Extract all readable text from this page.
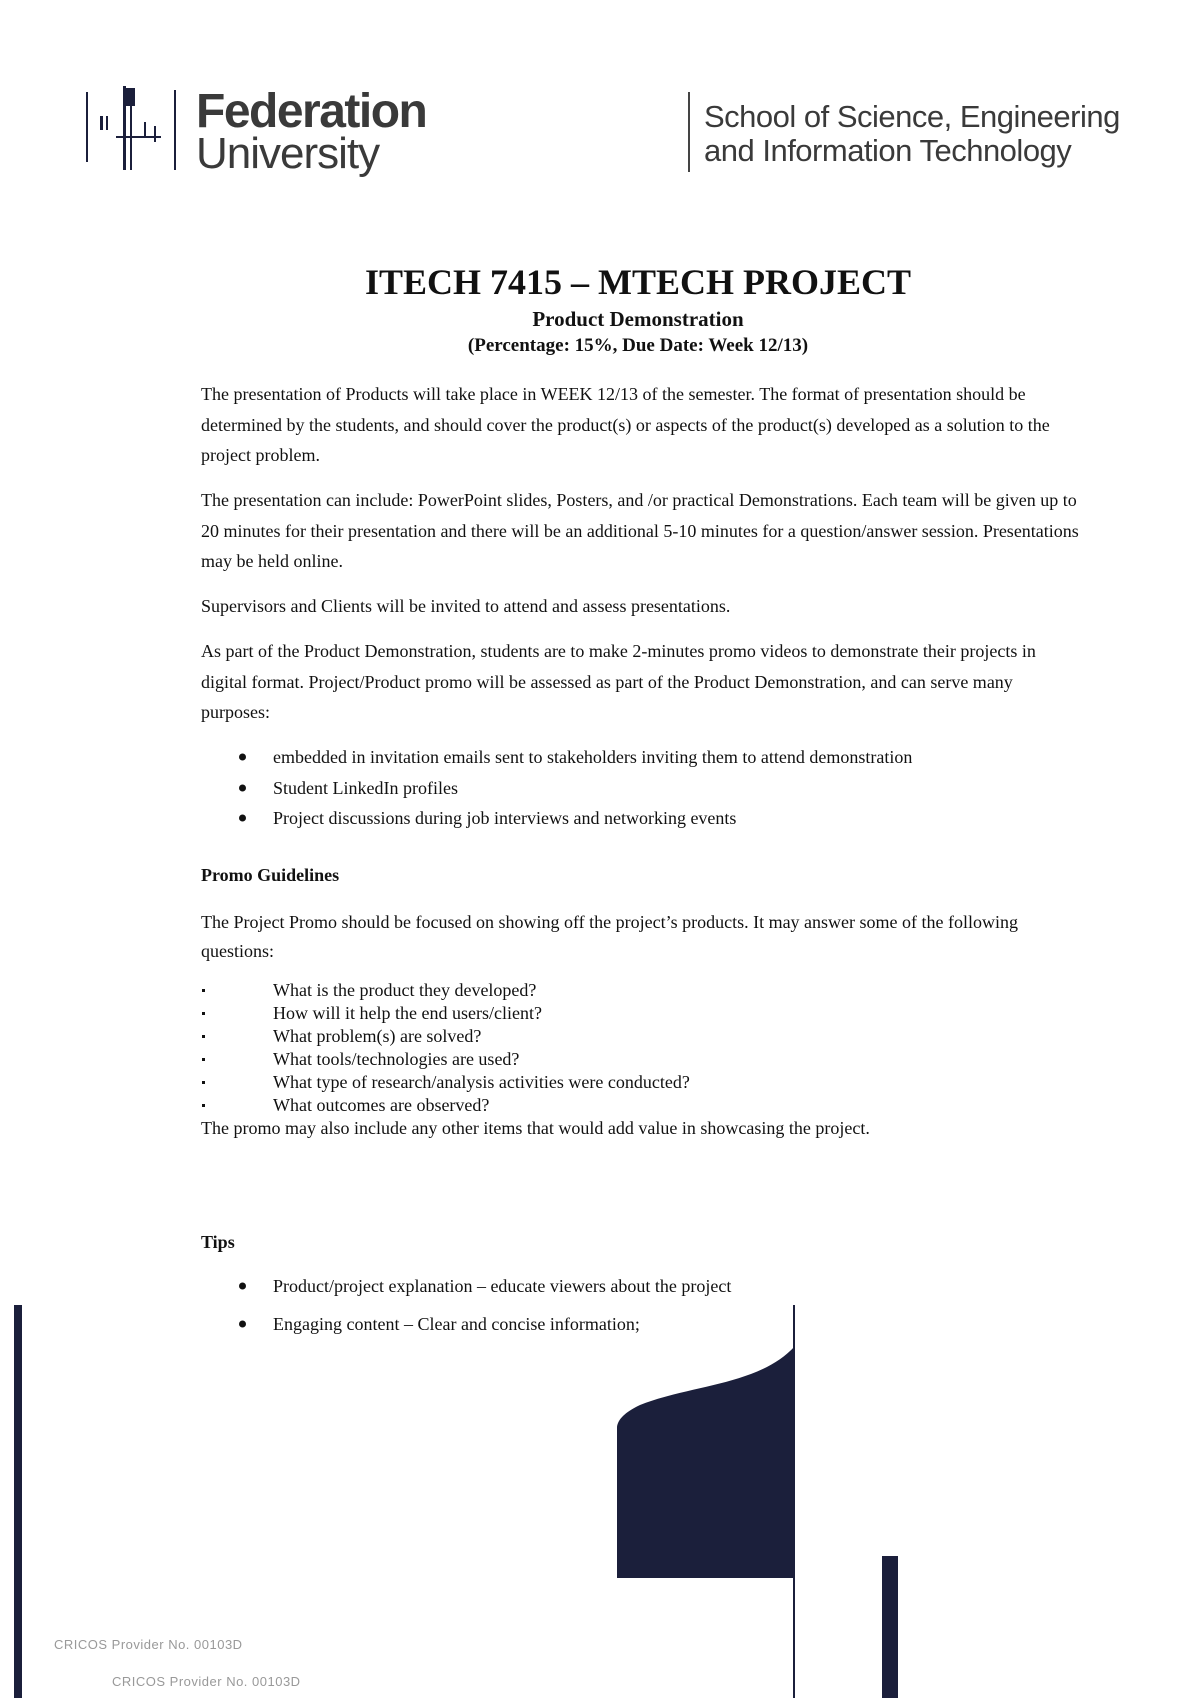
Federation
University
School of Science, Engineering
and Information Technology
ITECH 7415 – MTECH PROJECT
Product Demonstration
(Percentage: 15%, Due Date: Week 12/13)

The presentation of Products will take place in WEEK 12/13 of the semester. The format of presentation should be determined by the students, and should cover the product(s) or aspects of the product(s) developed as a solution to the project problem.

The presentation can include: PowerPoint slides, Posters, and /or practical Demonstrations. Each team will be given up to 20 minutes for their presentation and there will be an additional 5-10 minutes for a question/answer session. Presentations may be held online.

Supervisors and Clients will be invited to attend and assess presentations.

As part of the Product Demonstration, students are to make 2-minutes promo videos to demonstrate their projects in digital format. Project/Product promo will be assessed as part of the Product Demonstration, and can serve many purposes:

embedded in invitation emails sent to stakeholders inviting them to attend demonstration
Student LinkedIn profiles
Project discussions during job interviews and networking events
Promo Guidelines

The Project Promo should be focused on showing off the project’s products. It may answer some of the following questions:

What is the product they developed?
How will it help the end users/client?
What problem(s) are solved?
What tools/technologies are used?
What type of research/analysis activities were conducted?
What outcomes are observed?

The promo may also include any other items that would add value in showcasing the project.

Tips
Product/project explanation – educate viewers about the project
Engaging content – Clear and concise information;
CRICOS Provider No. 00103D
CRICOS Provider No. 00103D
